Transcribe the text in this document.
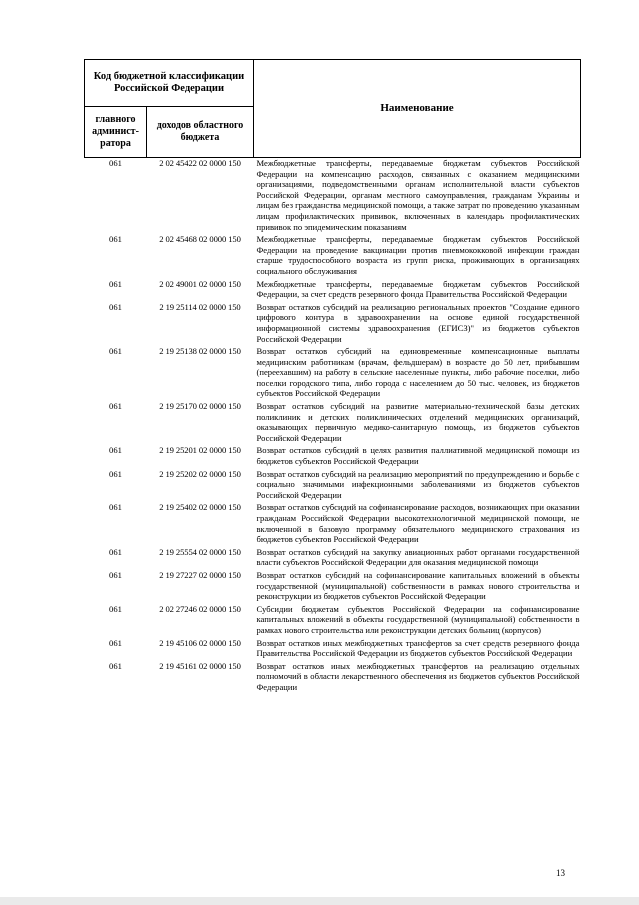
Код бюджетной классификации Российской Федерации		Наименование
главного админист-ратора	доходов областного бюджета	
061	2 02 45422 02 0000 150	Межбюджетные трансферты, передаваемые бюджетам субъектов Российской Федерации на компенсацию расходов, связанных с оказанием медицинскими организациями, подведомственными органам исполнительной власти субъектов Российской Федерации, органам местного самоуправления, гражданам Украины и лицам без гражданства медицинской помощи, а также затрат по проведению указанным лицам профилактических прививок, включенных в календарь профилактических прививок по эпидемическим показаниям
061	2 02 45468 02 0000 150	Межбюджетные трансферты, передаваемые бюджетам субъектов Российской Федерации на проведение вакцинации против пневмококковой инфекции граждан старше трудоспособного возраста из групп риска, проживающих в организациях социального обслуживания
061	2 02 49001 02 0000 150	Межбюджетные трансферты, передаваемые бюджетам субъектов Российской Федерации, за счет средств резервного фонда Правительства Российской Федерации
061	2 19 25114 02 0000 150	Возврат остатков субсидий на реализацию региональных проектов "Создание единого цифрового контура в здравоохранении на основе единой государственной информационной системы здравоохранения (ЕГИСЗ)" из бюджетов субъектов Российской Федерации
061	2 19 25138 02 0000 150	Возврат остатков субсидий на единовременные компенсационные выплаты медицинским работникам (врачам, фельдшерам) в возрасте до 50 лет, прибывшим (переехавшим) на работу в сельские населенные пункты, либо рабочие поселки, либо поселки городского типа, либо города с населением до 50 тыс. человек, из бюджетов субъектов Российской Федерации
061	2 19 25170 02 0000 150	Возврат остатков субсидий на развитие материально-технической базы детских поликлиник и детских поликлинических отделений медицинских организаций, оказывающих первичную медико-санитарную помощь, из бюджетов субъектов Российской Федерации
061	2 19 25201 02 0000 150	Возврат остатков субсидий в целях развития паллиативной медицинской помощи из бюджетов субъектов Российской Федерации
061	2 19 25202 02 0000 150	Возврат остатков субсидий на реализацию мероприятий по предупреждению и борьбе с социально значимыми инфекционными заболеваниями из бюджетов субъектов Российской Федерации
061	2 19 25402 02 0000 150	Возврат остатков субсидий на софинансирование расходов, возникающих при оказании гражданам Российской Федерации высокотехнологичной медицинской помощи, не включенной в базовую программу обязательного медицинского страхования из бюджетов субъектов Российской Федерации
061	2 19 25554 02 0000 150	Возврат остатков субсидий на закупку авиационных работ органами государственной власти субъектов Российской Федерации для оказания медицинской помощи
061	2 19 27227 02 0000 150	Возврат остатков субсидий на софинансирование капитальных вложений в объекты государственной (муниципальной) собственности в рамках нового строительства и реконструкции из бюджетов субъектов Российской Федерации
061	2 02 27246 02 0000 150	Субсидии бюджетам субъектов Российской Федерации на софинансирование капитальных вложений в объекты государственной (муниципальной) собственности в рамках нового строительства или реконструкции детских больниц (корпусов)
061	2 19 45106 02 0000 150	Возврат остатков иных межбюджетных трансфертов за счет средств резервного фонда Правительства Российской Федерации из бюджетов субъектов Российской Федерации
061	2 19 45161 02 0000 150	Возврат остатков иных межбюджетных трансфертов на реализацию отдельных полномочий в области лекарственного обеспечения из бюджетов субъектов Российской Федерации
13
